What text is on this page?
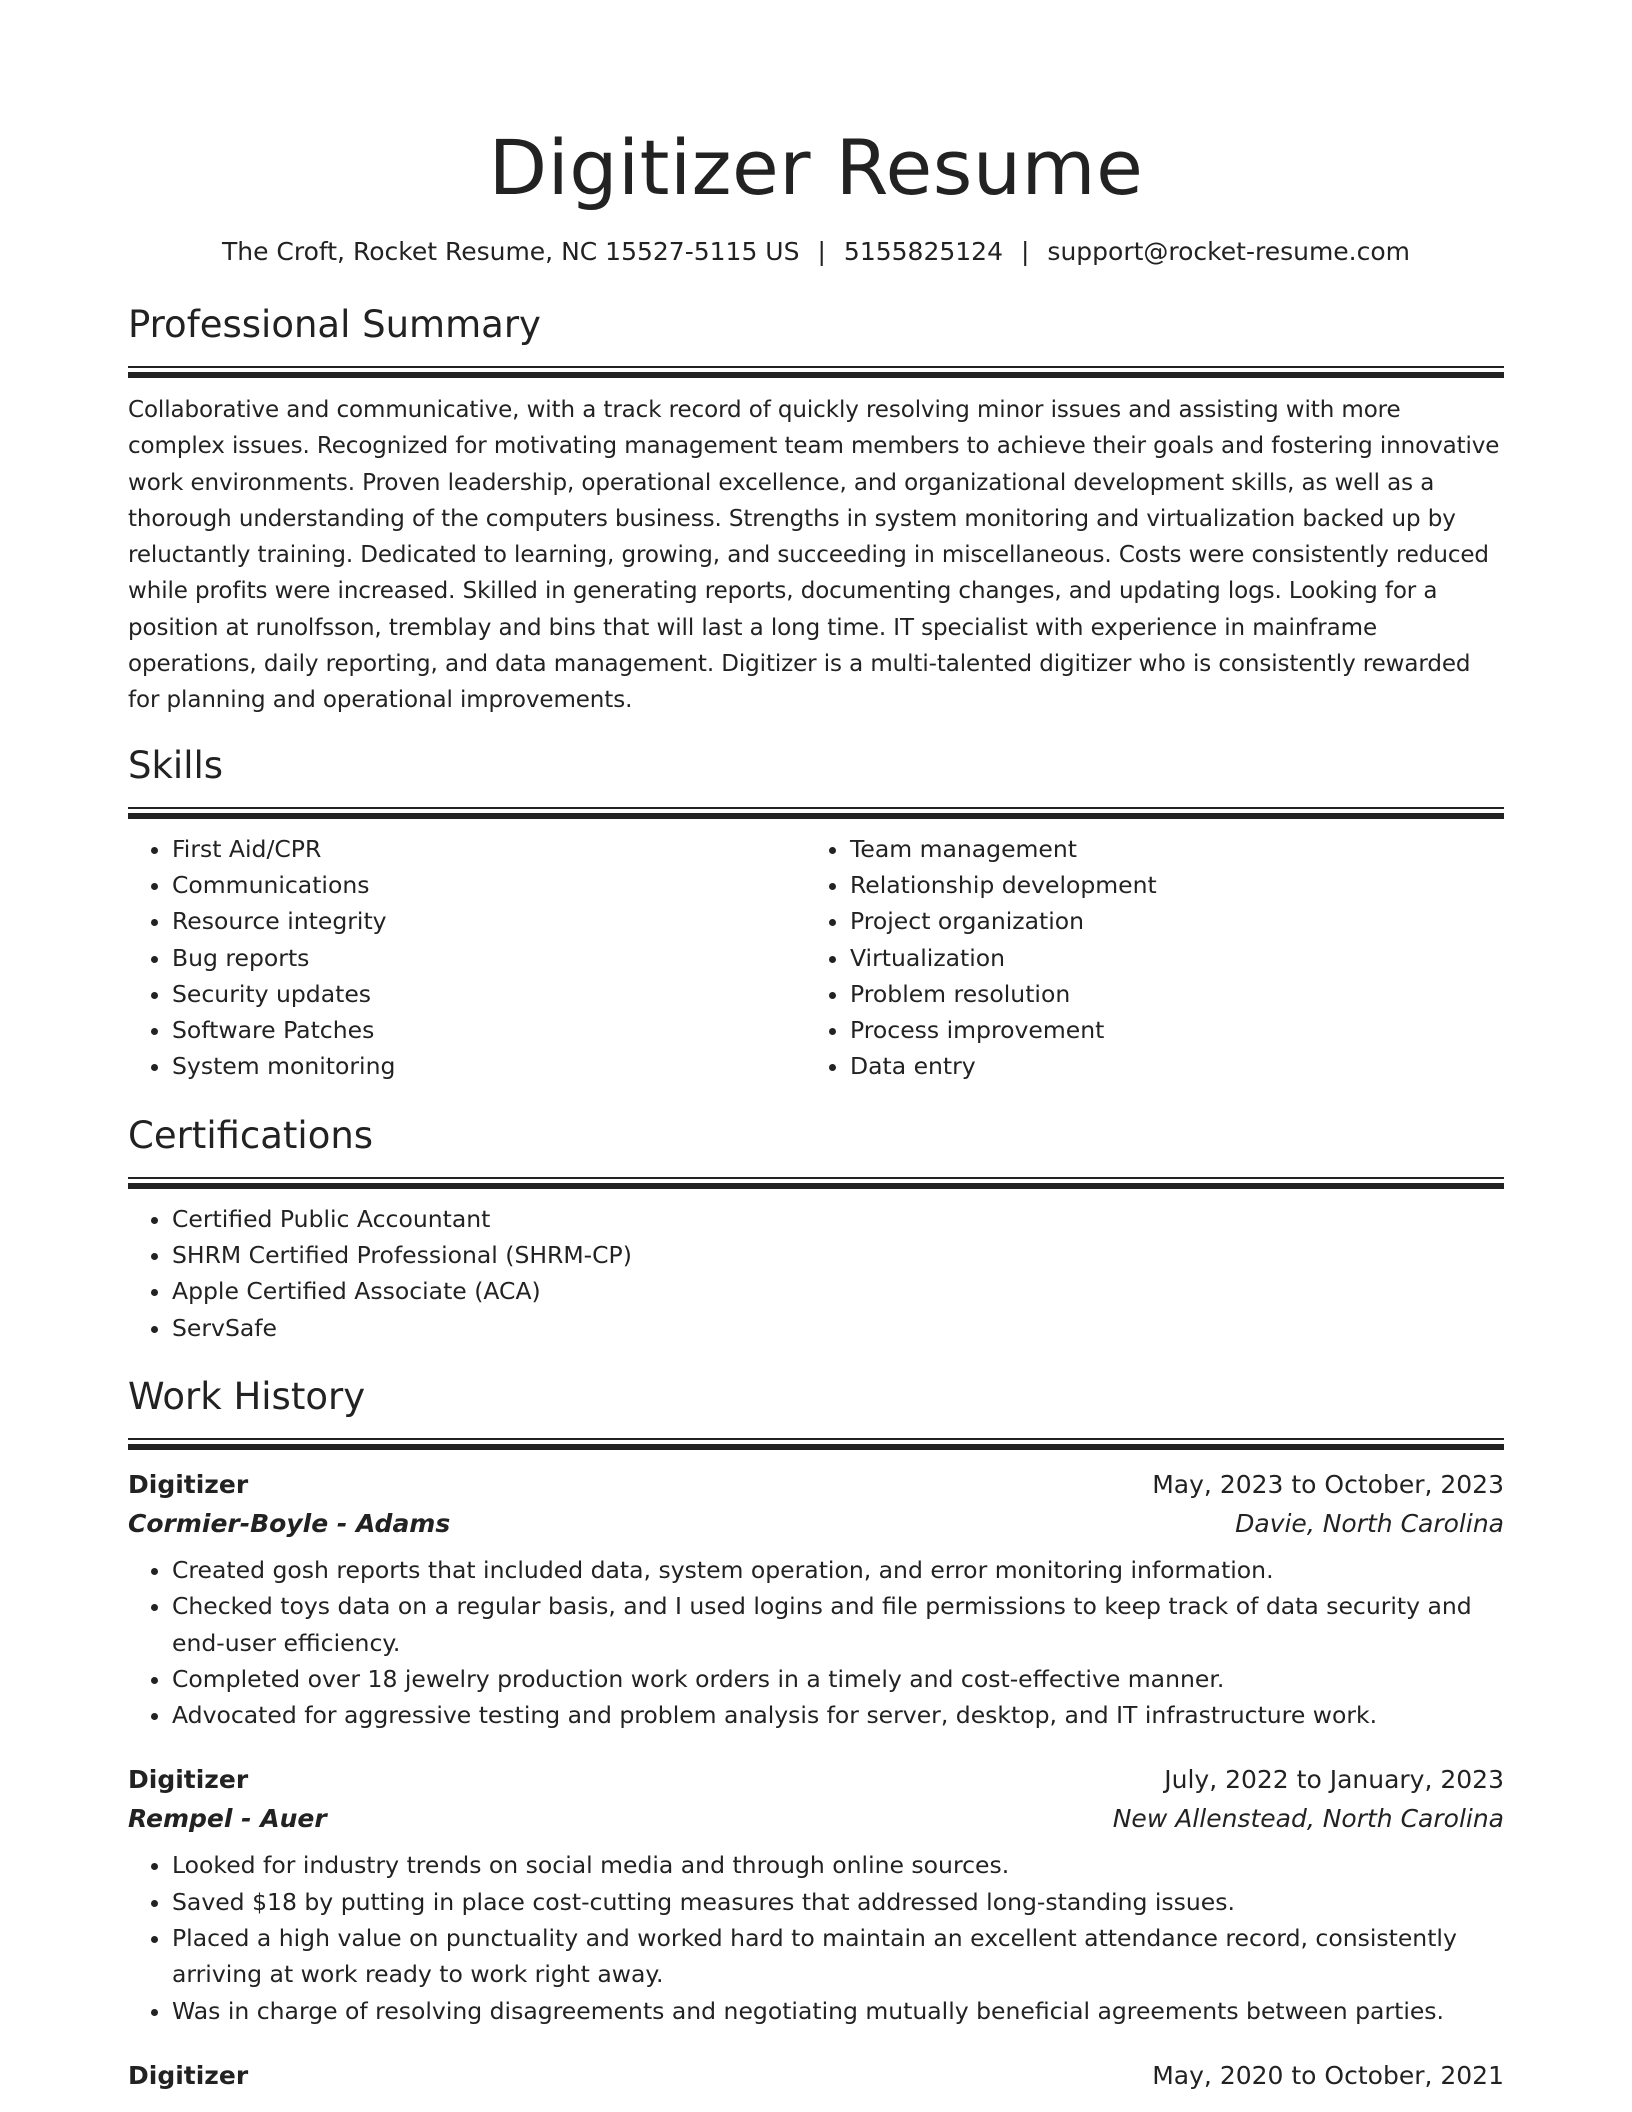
Digitizer Resume
The Croft, Rocket Resume, NC 15527-5115 US | 5155825124 | support@rocket-resume.com
Professional Summary
Collaborative and communicative, with a track record of quickly resolving minor issues and assisting with more complex issues. Recognized for motivating management team members to achieve their goals and fostering innovative work environments. Proven leadership, operational excellence, and organizational development skills, as well as a thorough understanding of the computers business. Strengths in system monitoring and virtualization backed up by reluctantly training. Dedicated to learning, growing, and succeeding in miscellaneous. Costs were consistently reduced while profits were increased. Skilled in generating reports, documenting changes, and updating logs. Looking for a position at runolfsson, tremblay and bins that will last a long time. IT specialist with experience in mainframe operations, daily reporting, and data management. Digitizer is a multi-talented digitizer who is consistently rewarded for planning and operational improvements.
Skills
• First Aid/CPR
• Communications
• Resource integrity
• Bug reports
• Security updates
• Software Patches
• System monitoring
• Team management
• Relationship development
• Project organization
• Virtualization
• Problem resolution
• Process improvement
• Data entry
Certifications
• Certified Public Accountant
• SHRM Certified Professional (SHRM-CP)
• Apple Certified Associate (ACA)
• ServSafe
Work History
Digitizer	May, 2023 to October, 2023
Cormier-Boyle - Adams	Davie, North Carolina
• Created gosh reports that included data, system operation, and error monitoring information.
• Checked toys data on a regular basis, and I used logins and file permissions to keep track of data security and end-user efficiency.
• Completed over 18 jewelry production work orders in a timely and cost-effective manner.
• Advocated for aggressive testing and problem analysis for server, desktop, and IT infrastructure work.
Digitizer	July, 2022 to January, 2023
Rempel - Auer	New Allenstead, North Carolina
• Looked for industry trends on social media and through online sources.
• Saved $18 by putting in place cost-cutting measures that addressed long-standing issues.
• Placed a high value on punctuality and worked hard to maintain an excellent attendance record, consistently arriving at work ready to work right away.
• Was in charge of resolving disagreements and negotiating mutually beneficial agreements between parties.
Digitizer	May, 2020 to October, 2021
